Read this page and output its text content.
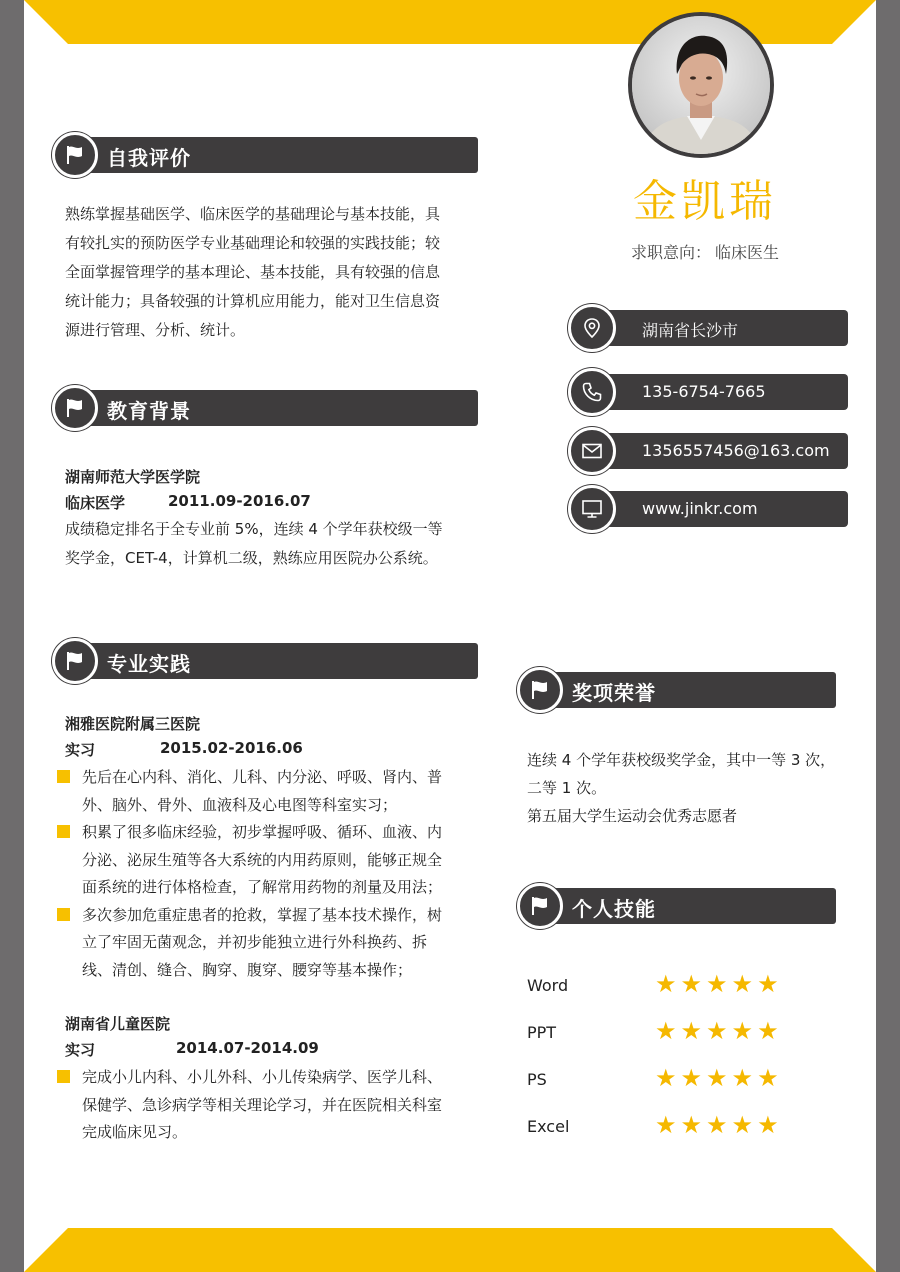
自我评价
熟练掌握基础医学、临床医学的基础理论与基本技能，具
有较扎实的预防医学专业基础理论和较强的实践技能；较
全面掌握管理学的基本理论、基本技能，具有较强的信息
统计能力；具备较强的计算机应用能力，能对卫生信息资
源进行管理、分析、统计。
教育背景
湖南师范大学医学院
临床医学	2011.09-2016.07
成绩稳定排名于全专业前 5%，连续 4 个学年获校级一等
奖学金，CET-4，计算机二级，熟练应用医院办公系统。
专业实践
湘雅医院附属三医院
实习	2015.02-2016.06
先后在心内科、消化、儿科、内分泌、呼吸、肾内、普
外、脑外、骨外、血液科及心电图等科室实习；
积累了很多临床经验，初步掌握呼吸、循环、血液、内
分泌、泌尿生殖等各大系统的内用药原则，能够正规全
面系统的进行体格检查，了解常用药物的剂量及用法；
多次参加危重症患者的抢救，掌握了基本技术操作，树
立了牢固无菌观念，并初步能独立进行外科换药、拆
线、清创、缝合、胸穿、腹穿、腰穿等基本操作；
湖南省儿童医院
实习	2014.07-2014.09
完成小儿内科、小儿外科、小儿传染病学、医学儿科、
保健学、急诊病学等相关理论学习，并在医院相关科室
完成临床见习。
金凯瑞
求职意向： 临床医生
湖南省长沙市
135-6754-7665
1356557456@163.com
www.jinkr.com
奖项荣誉
连续 4 个学年获校级奖学金，其中一等 3 次，
二等 1 次。
第五届大学生运动会优秀志愿者
个人技能
Word	★★★★★
PPT	★★★★★
PS	★★★★★
Excel	★★★★★
